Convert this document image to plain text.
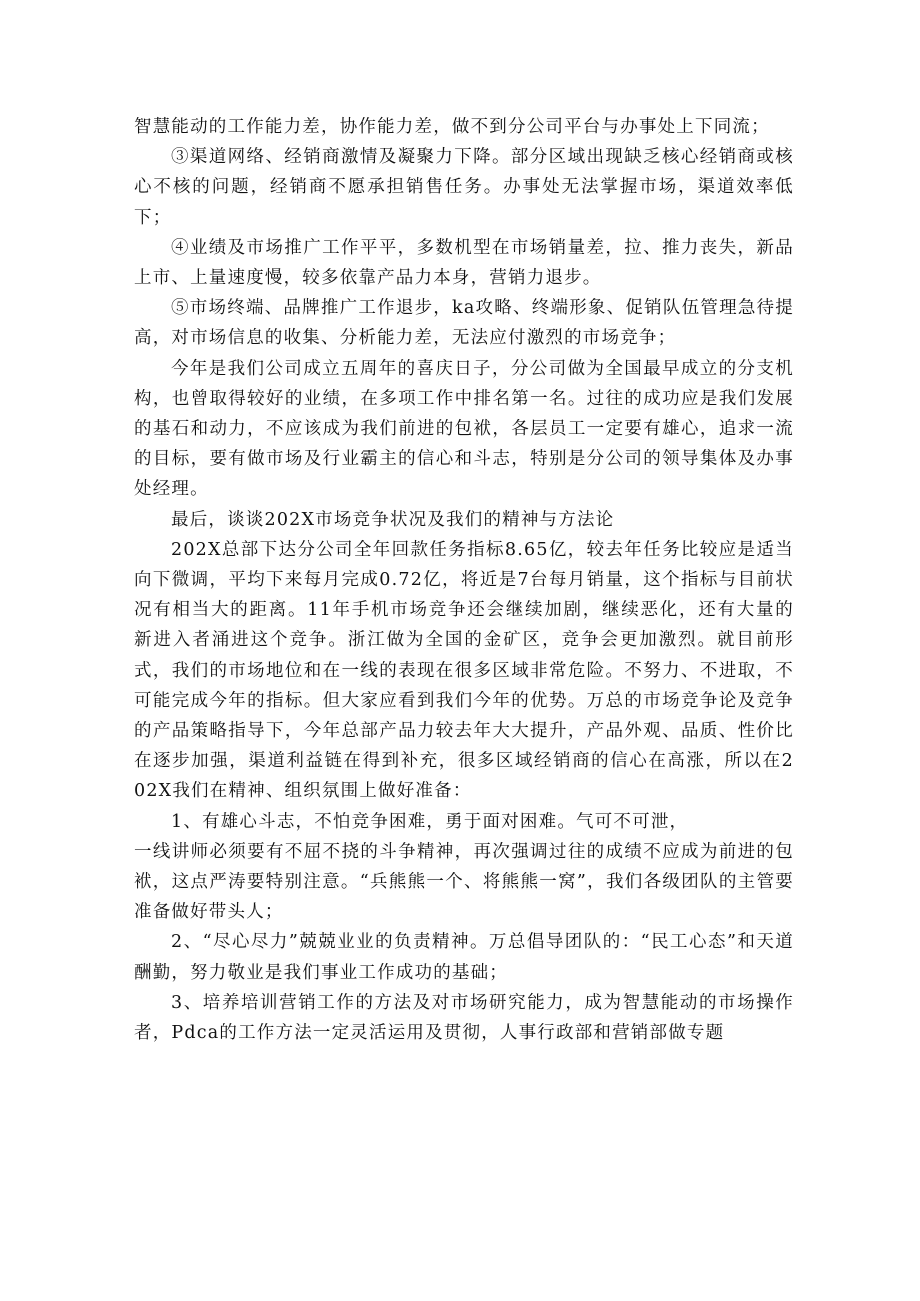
智慧能动的工作能力差，协作能力差，做不到分公司平台与办事处上下同流；

③渠道网络、经销商激情及凝聚力下降。部分区域出现缺乏核心经销商或核心不核的问题，经销商不愿承担销售任务。办事处无法掌握市场，渠道效率低下；

④业绩及市场推广工作平平，多数机型在市场销量差，拉、推力丧失，新品上市、上量速度慢，较多依靠产品力本身，营销力退步。

⑤市场终端、品牌推广工作退步，ka攻略、终端形象、促销队伍管理急待提高，对市场信息的收集、分析能力差，无法应付激烈的市场竞争；

今年是我们公司成立五周年的喜庆日子，分公司做为全国最早成立的分支机构，也曾取得较好的业绩，在多项工作中排名第一名。过往的成功应是我们发展的基石和动力，不应该成为我们前进的包袱，各层员工一定要有雄心，追求一流的目标，要有做市场及行业霸主的信心和斗志，特别是分公司的领导集体及办事处经理。

最后，谈谈202X市场竞争状况及我们的精神与方法论

202X总部下达分公司全年回款任务指标8.65亿，较去年任务比较应是适当向下微调，平均下来每月完成0.72亿，将近是7台每月销量，这个指标与目前状况有相当大的距离。11年手机市场竞争还会继续加剧，继续恶化，还有大量的新进入者涌进这个竞争。浙江做为全国的金矿区，竞争会更加激烈。就目前形式，我们的市场地位和在一线的表现在很多区域非常危险。不努力、不进取，不可能完成今年的指标。但大家应看到我们今年的优势。万总的市场竞争论及竞争的产品策略指导下，今年总部产品力较去年大大提升，产品外观、品质、性价比在逐步加强，渠道利益链在得到补充，很多区域经销商的信心在高涨，所以在202X我们在精神、组织氛围上做好准备：

1、有雄心斗志，不怕竞争困难，勇于面对困难。气可不可泄，

一线讲师必须要有不屈不挠的斗争精神，再次强调过往的成绩不应成为前进的包袱，这点严涛要特别注意。“兵熊熊一个、将熊熊一窝”，我们各级团队的主管要准备做好带头人；

2、“尽心尽力”兢兢业业的负责精神。万总倡导团队的：“民工心态”和天道酬勤，努力敬业是我们事业工作成功的基础；

3、培养培训营销工作的方法及对市场研究能力，成为智慧能动的市场操作者，Pdca的工作方法一定灵活运用及贯彻，人事行政部和营销部做专题
